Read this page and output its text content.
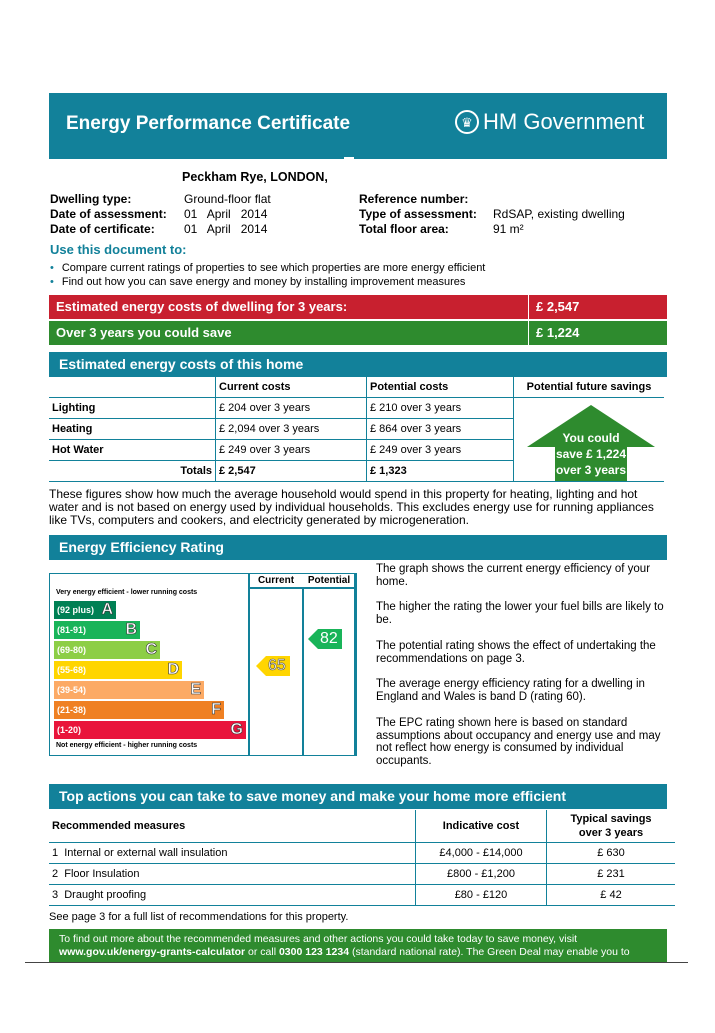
Energy Performance Certificate	♛ HM Government
Peckham Rye, LONDON,
Dwelling type:	Ground-floor flat
Date of assessment: 01   April   2014
Date of certificate: 01   April   2014
Reference number:
Type of assessment: RdSAP, existing dwelling
Total floor area:	91 m²
Use this document to:
• Compare current ratings of properties to see which properties are more energy efficient
• Find out how you can save energy and money by installing improvement measures
Estimated energy costs of dwelling for 3 years:	£ 2,547
Over 3 years you could save	£ 1,224
Estimated energy costs of this home
	Current costs	Potential costs	Potential future savings
Lighting	£ 204 over 3 years	£ 210 over 3 years	
Heating	£ 2,094 over 3 years	£ 864 over 3 years	
Hot Water	£ 249 over 3 years	£ 249 over 3 years	
Totals	£ 2,547	£ 1,323	
You could
save £ 1,224
over 3 years
These figures show how much the average household would spend in this property for heating, lighting and hot water and is not based on energy used by individual households. This excludes energy use for running appliances like TVs, computers and cookers, and electricity generated by microgeneration.
Energy Efficiency Rating
Very energy efficient - lower running costs
(92 plus) A
(81-91) B
(69-80)	C
(55-68)	D
(39-54)	E
(21-38)	F
(1-20)	G
Not energy efficient - higher running costs
Current	Potential
65
82
The graph shows the current energy efficiency of your home.
The higher the rating the lower your fuel bills are likely to be.
The potential rating shows the effect of undertaking the recommendations on page 3.
The average energy efficiency rating for a dwelling in England and Wales is band D (rating 60).
The EPC rating shown here is based on standard assumptions about occupancy and energy use and may not reflect how energy is consumed by individual occupants.
Top actions you can take to save money and make your home more efficient
Recommended measures	Indicative cost	Typical savings
over 3 years

1  Internal or external wall insulation	£4,000 - £14,000	£ 630
2  Floor Insulation	£800 - £1,200	£ 231
3  Draught proofing	£80 - £120	£ 42
See page 3 for a full list of recommendations for this property.
To find out more about the recommended measures and other actions you could take today to save money, visit
www.gov.uk/energy-grants-calculator or call 0300 123 1234 (standard national rate). The Green Deal may enable you to
